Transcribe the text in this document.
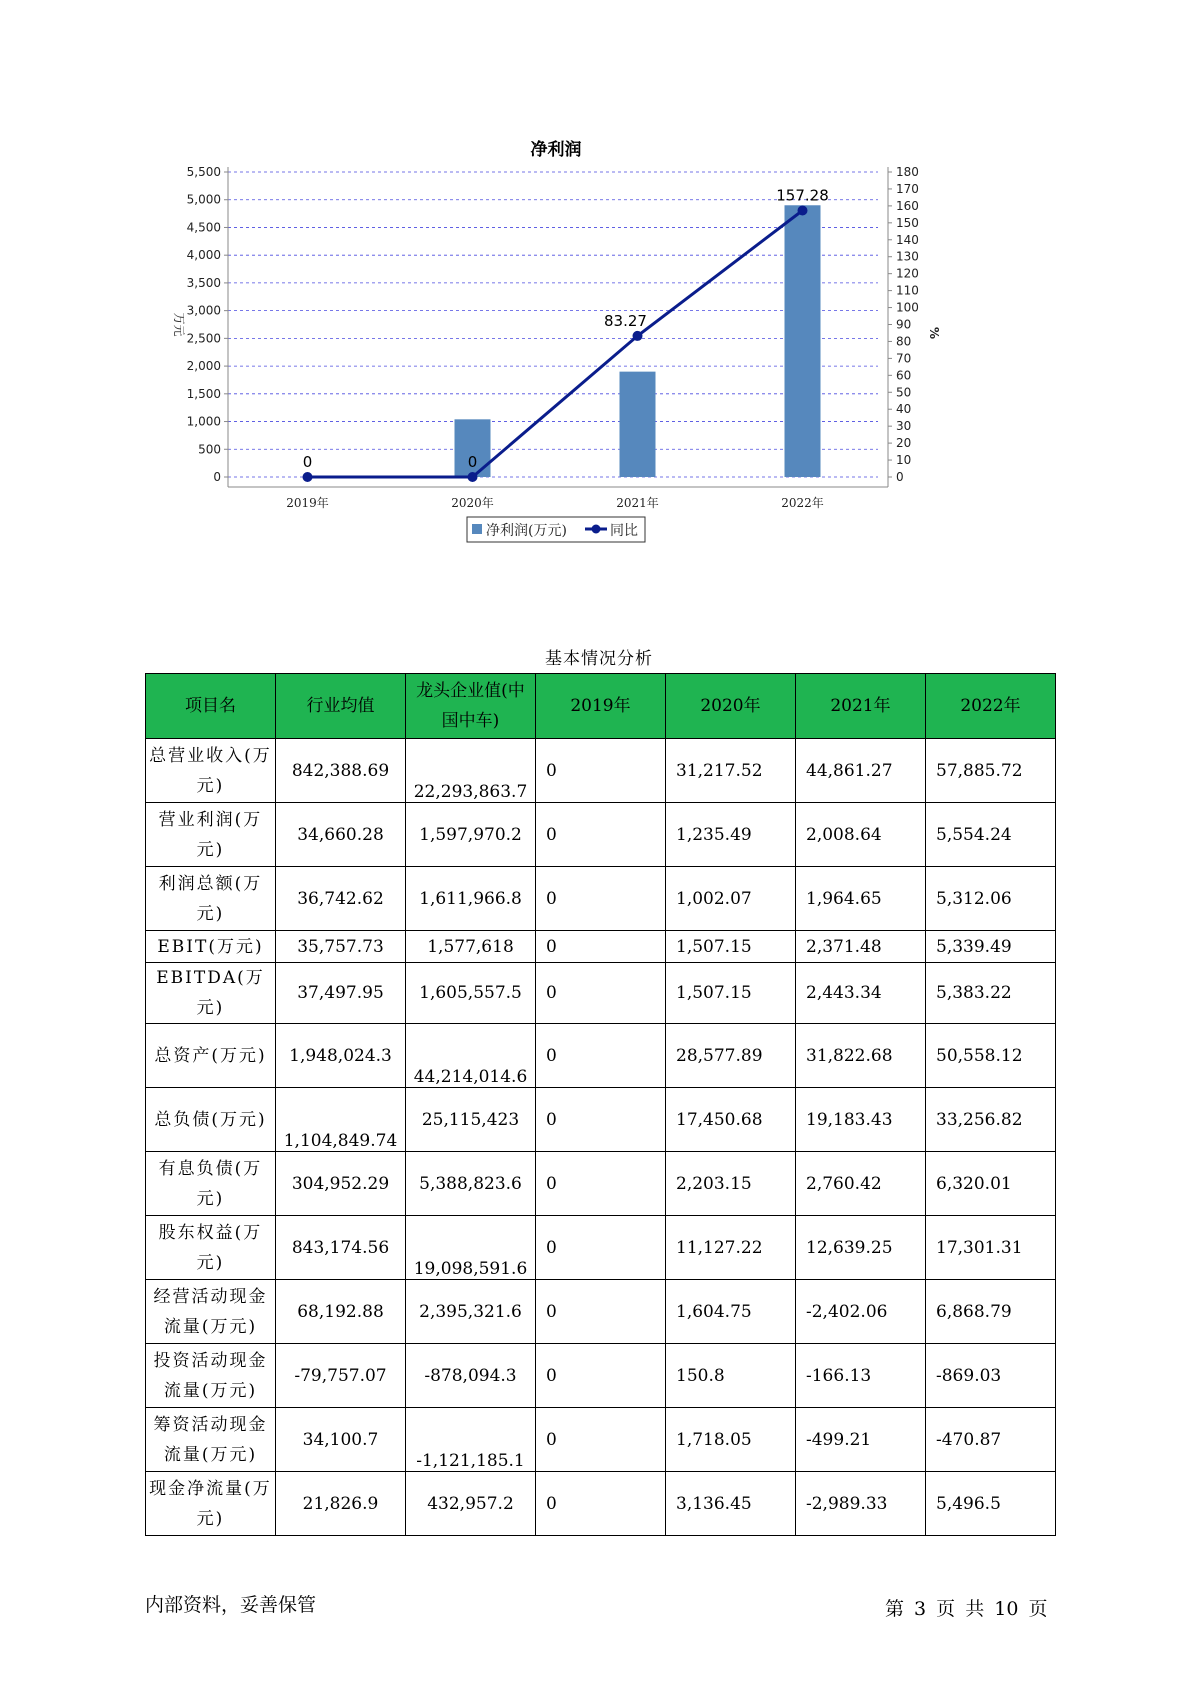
净利润
0
500
1,000
1,500
2,000
2,500
3,000
3,500
4,000
4,500
5,000
5,500
0
10
20
30
40
50
60
70
80
90
100
110
120
130
140
150
160
170
180
万元	%
2019年	2020年	2021年	2022年
0	0
83.27
157.28
净利润(万元)	同比
基本情况分析
项目名	行业均值	龙头企业值(中国中车)	2019年	2020年	2021年	2022年
总营业收入(万元)	842,388.69	22,293,863.7	0	31,217.52	44,861.27	57,885.72
营业利润(万元)	34,660.28	1,597,970.2	0	1,235.49	2,008.64	5,554.24
利润总额(万元)	36,742.62	1,611,966.8	0	1,002.07	1,964.65	5,312.06
EBIT(万元)	35,757.73	1,577,618	0	1,507.15	2,371.48	5,339.49
EBITDA(万元)	37,497.95	1,605,557.5	0	1,507.15	2,443.34	5,383.22
总资产(万元)	1,948,024.3	44,214,014.6	0	28,577.89	31,822.68	50,558.12
总负债(万元)	1,104,849.74	25,115,423	0	17,450.68	19,183.43	33,256.82
有息负债(万元)	304,952.29	5,388,823.6	0	2,203.15	2,760.42	6,320.01
股东权益(万元)	843,174.56	19,098,591.6	0	11,127.22	12,639.25	17,301.31
经营活动现金流量(万元)	68,192.88	2,395,321.6	0	1,604.75	-2,402.06	6,868.79
投资活动现金流量(万元)	-79,757.07	-878,094.3	0	150.8	-166.13	-869.03
筹资活动现金流量(万元)	34,100.7	-1,121,185.1	0	1,718.05	-499.21	-470.87
现金净流量(万元)	21,826.9	432,957.2	0	3,136.45	-2,989.33	5,496.5
内部资料，妥善保管	第 3 页 共 10 页
